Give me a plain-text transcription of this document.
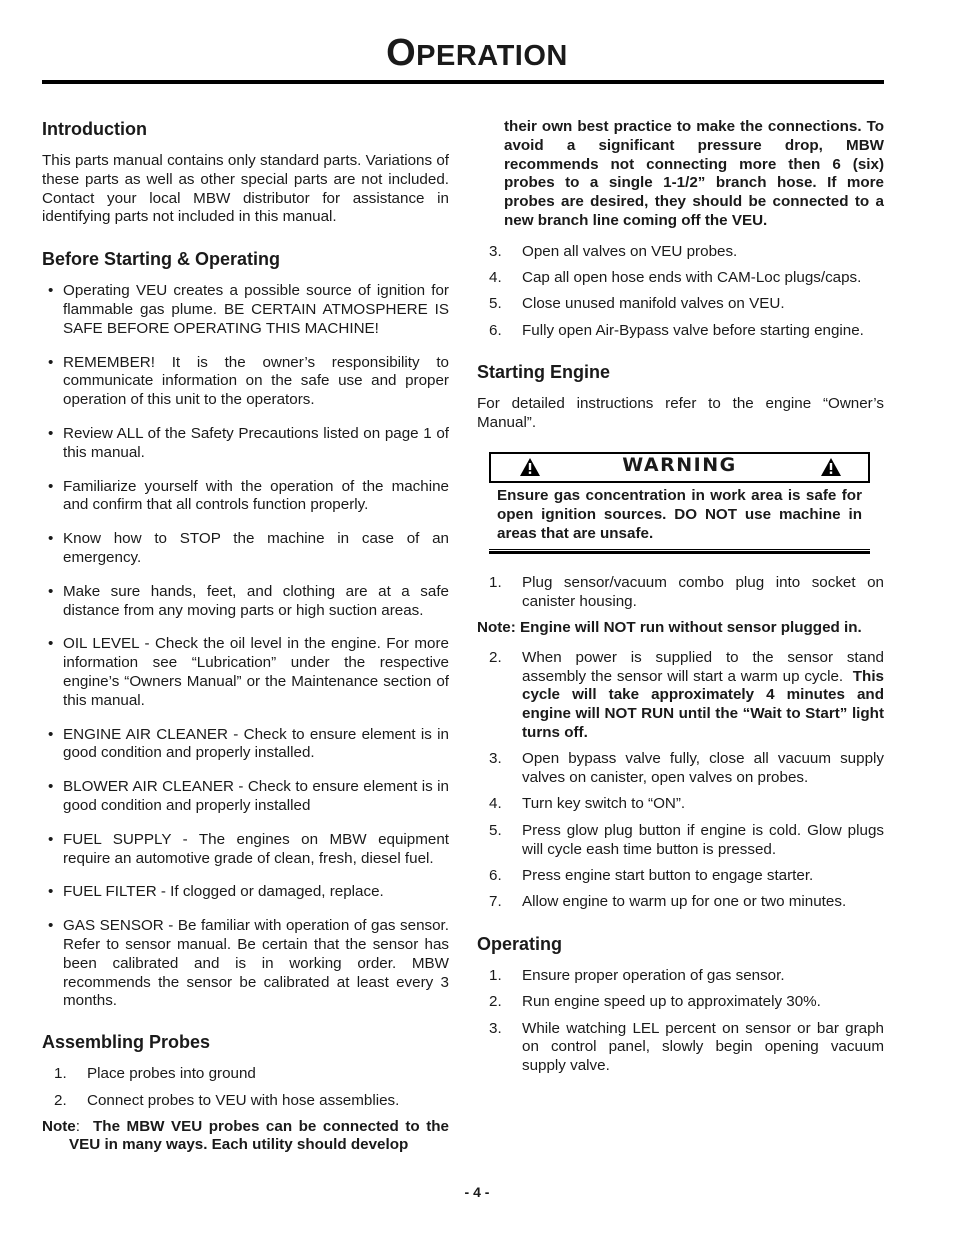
OPERATION
Introduction

This parts manual contains only standard parts. Variations of these parts as well as other special parts are not included. Contact your local MBW distributor for assistance in identifying parts not included in this manual.

Before Starting & Operating
• Operating VEU creates a possible source of ignition for flammable gas plume. BE CERTAIN ATMOSPHERE IS SAFE BEFORE OPERATING THIS MACHINE!
• REMEMBER! It is the owner’s responsibility to communicate information on the safe use and proper operation of this unit to the operators.
• Review ALL of the Safety Precautions listed on page 1 of this manual.
• Familiarize yourself with the operation of the machine and confirm that all controls function properly.
• Know how to STOP the machine in case of an emergency.
• Make sure hands, feet, and clothing are at a safe distance from any moving parts or high suction areas.
• OIL LEVEL - Check the oil level in the engine. For more information see “Lubrication” under the respective engine’s “Owners Manual” or the Maintenance section of this manual.
• ENGINE AIR CLEANER - Check to ensure element is in good condition and properly installed.
• BLOWER AIR CLEANER - Check to ensure element is in good condition and properly installed
• FUEL SUPPLY - The engines on MBW equipment require an automotive grade of clean, fresh, diesel fuel.
• FUEL FILTER - If clogged or damaged, replace.
• GAS SENSOR - Be familiar with operation of gas sensor. Refer to sensor manual. Be certain that the sensor has been calibrated and is in working order. MBW recommends the sensor be calibrated at least every 3 months.
Assembling Probes
1. Place probes into ground
2. Connect probes to VEU with hose assemblies.

Note: The MBW VEU probes can be connected to the VEU in many ways. Each utility should develop

their own best practice to make the connections. To avoid a significant pressure drop, MBW recommends not connecting more then 6 (six) probes to a single 1-1/2” branch hose. If more probes are desired, they should be connected to a new branch line coming off the VEU.

3. Open all valves on VEU probes.
4. Cap all open hose ends with CAM-Loc plugs/caps.
5. Close unused manifold valves on VEU.
6. Fully open Air-Bypass valve before starting engine.
Starting Engine

For detailed instructions refer to the engine “Owner’s Manual”.

WARNING

Ensure gas concentration in work area is safe for open ignition sources. DO NOT use machine in areas that are unsafe.

1. Plug sensor/vacuum combo plug into socket on canister housing.

Note: Engine will NOT run without sensor plugged in.

2. When power is supplied to the sensor stand assembly the sensor will start a warm up cycle. This cycle will take approximately 4 minutes and engine will NOT RUN until the “Wait to Start” light turns off.
3. Open bypass valve fully, close all vacuum supply valves on canister, open valves on probes.
4. Turn key switch to “ON”.
5. Press glow plug button if engine is cold. Glow plugs will cycle eash time button is pressed.
6. Press engine start button to engage starter.
7. Allow engine to warm up for one or two minutes.
Operating
1. Ensure proper operation of gas sensor.
2. Run engine speed up to approximately 30%.
3. While watching LEL percent on sensor or bar graph on control panel, slowly begin opening vacuum supply valve.
- 4 -
